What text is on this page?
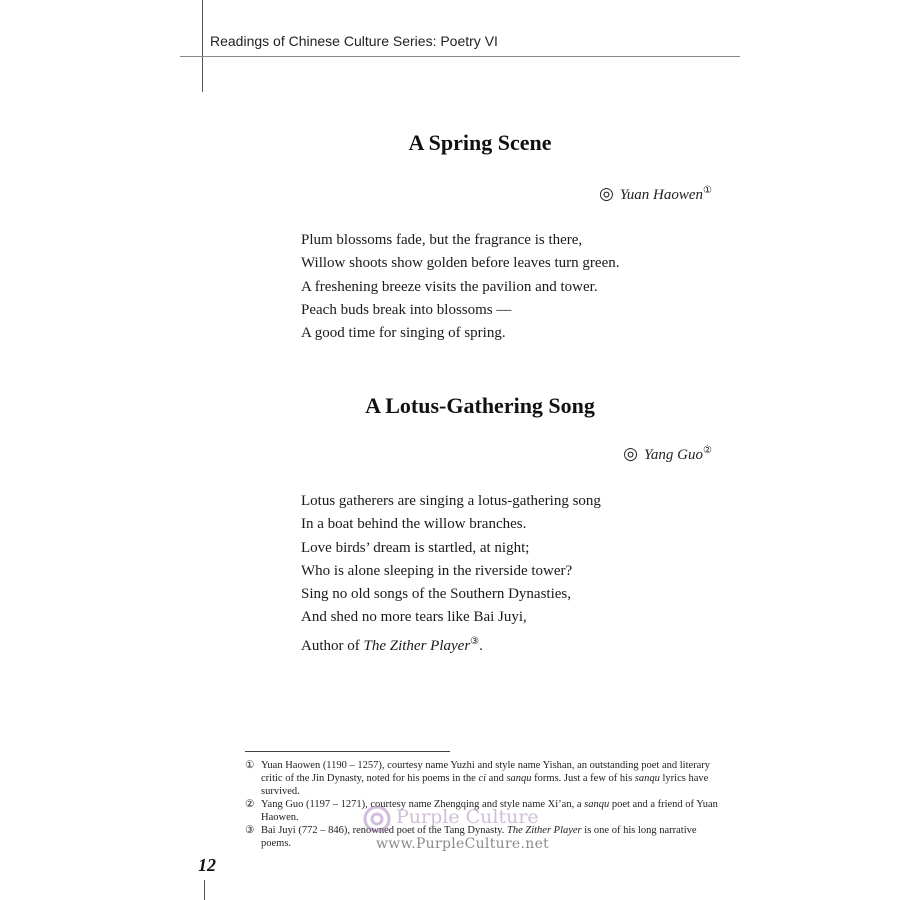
Readings of Chinese Culture Series: Poetry VI
A Spring Scene
◎ Yuan Haowen①
Plum blossoms fade, but the fragrance is there,
Willow shoots show golden before leaves turn green.
A freshening breeze visits the pavilion and tower.
Peach buds break into blossoms —
A good time for singing of spring.
A Lotus-Gathering Song
◎ Yang Guo②
Lotus gatherers are singing a lotus-gathering song
In a boat behind the willow branches.
Love birds’ dream is startled, at night;
Who is alone sleeping in the riverside tower?
Sing no old songs of the Southern Dynasties,
And shed no more tears like Bai Juyi,
Author of The Zither Player③.
① Yuan Haowen (1190 – 1257), courtesy name Yuzhi and style name Yishan, an outstanding poet and literary critic of the Jin Dynasty, noted for his poems in the ci and sanqu forms. Just a few of his sanqu lyrics have survived.
② Yang Guo (1197 – 1271), courtesy name Zhengqing and style name Xi’an, a sanqu poet and a friend of Yuan Haowen.
③ Bai Juyi (772 – 846), renowned poet of the Tang Dynasty. The Zither Player is one of his long narrative poems.
Purple Culture
www.PurpleCulture.net
12
